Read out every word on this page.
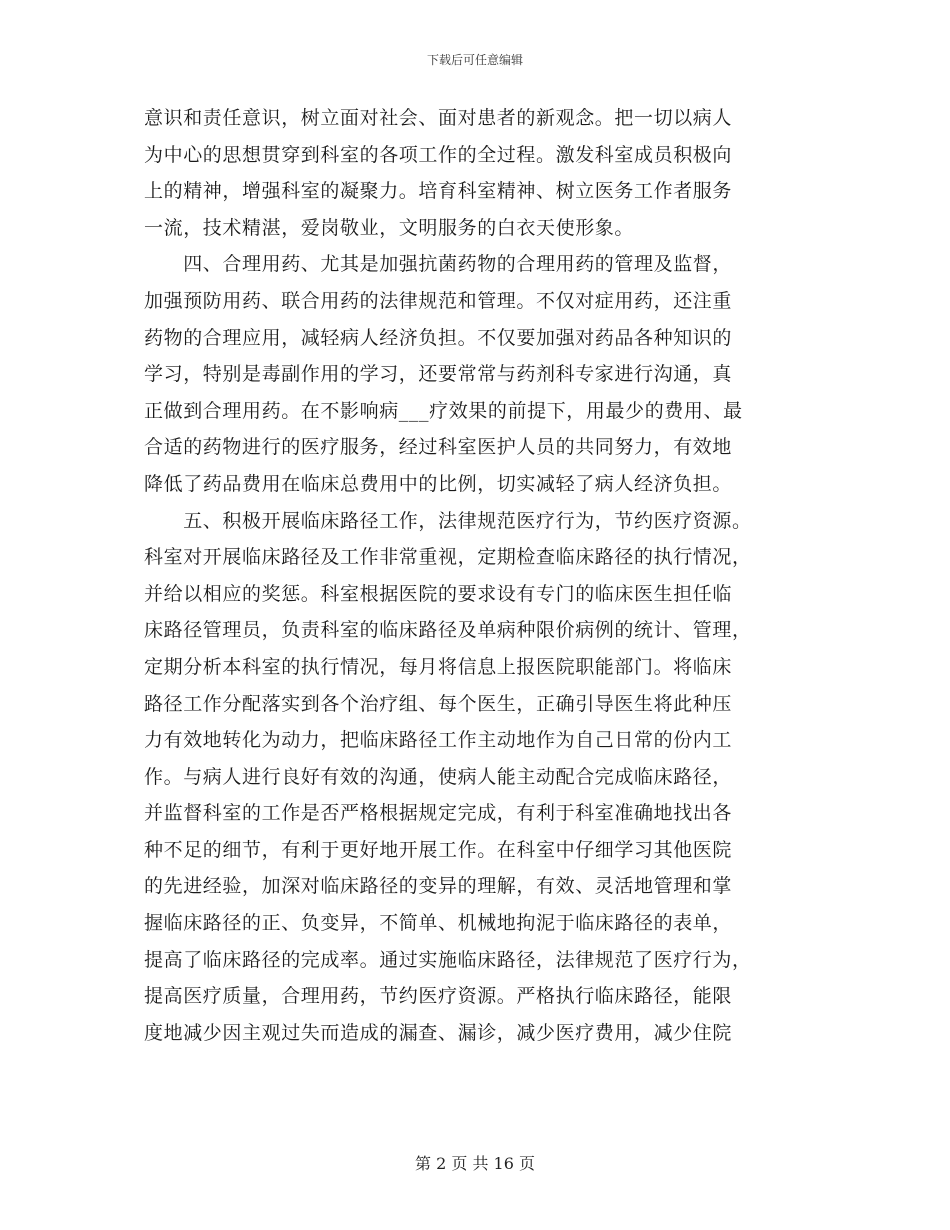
下载后可任意编辑
意识和责任意识，树立面对社会、面对患者的新观念。把一切以病人
为中心的思想贯穿到科室的各项工作的全过程。激发科室成员积极向
上的精神，增强科室的凝聚力。培育科室精神、树立医务工作者服务
一流，技术精湛，爱岗敬业，文明服务的白衣天使形象。
　　四、合理用药、尤其是加强抗菌药物的合理用药的管理及监督，
加强预防用药、联合用药的法律规范和管理。不仅对症用药，还注重
药物的合理应用，减轻病人经济负担。不仅要加强对药品各种知识的
学习，特别是毒副作用的学习，还要常常与药剂科专家进行沟通，真
正做到合理用药。在不影响病___疗效果的前提下，用最少的费用、最
合适的药物进行的医疗服务，经过科室医护人员的共同努力，有效地
降低了药品费用在临床总费用中的比例，切实减轻了病人经济负担。
　　五、积极开展临床路径工作，法律规范医疗行为，节约医疗资源。
科室对开展临床路径及工作非常重视，定期检查临床路径的执行情况，
并给以相应的奖惩。科室根据医院的要求设有专门的临床医生担任临
床路径管理员，负责科室的临床路径及单病种限价病例的统计、管理，
定期分析本科室的执行情况，每月将信息上报医院职能部门。将临床
路径工作分配落实到各个治疗组、每个医生，正确引导医生将此种压
力有效地转化为动力，把临床路径工作主动地作为自己日常的份内工
作。与病人进行良好有效的沟通，使病人能主动配合完成临床路径，
并监督科室的工作是否严格根据规定完成，有利于科室准确地找出各
种不足的细节，有利于更好地开展工作。在科室中仔细学习其他医院
的先进经验，加深对临床路径的变异的理解，有效、灵活地管理和掌
握临床路径的正、负变异，不简单、机械地拘泥于临床路径的表单，
提高了临床路径的完成率。通过实施临床路径，法律规范了医疗行为，
提高医疗质量，合理用药，节约医疗资源。严格执行临床路径，能限
度地减少因主观过失而造成的漏查、漏诊，减少医疗费用，减少住院
第 2 页 共 16 页
